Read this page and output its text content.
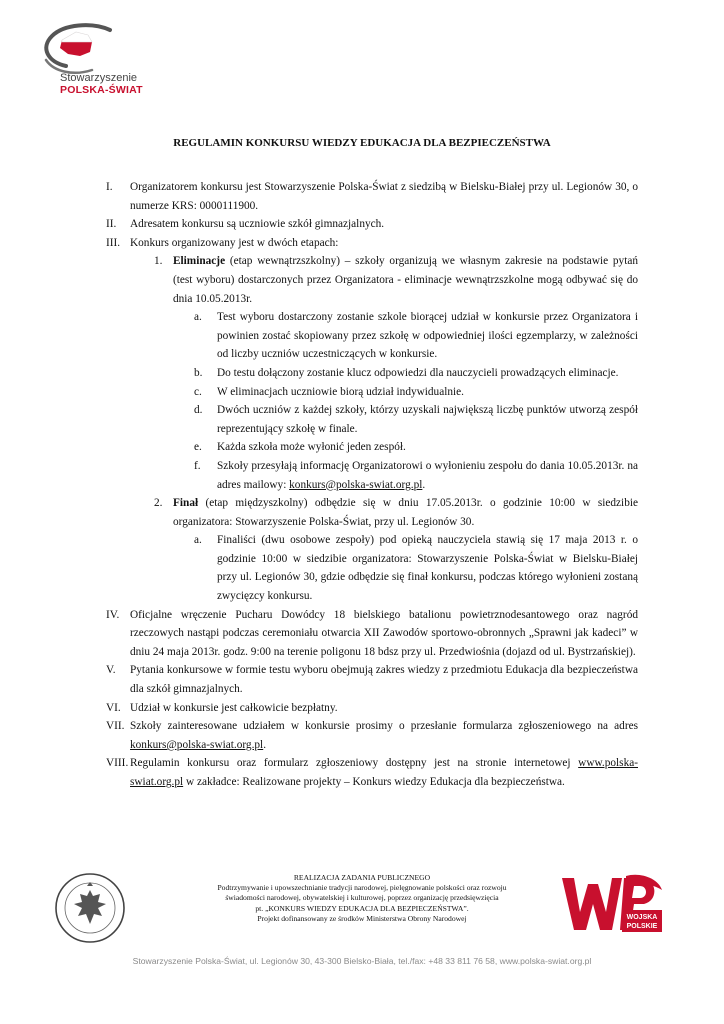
Stowarzyszenie
POLSKA-ŚWIAT
REGULAMIN KONKURSU WIEDZY EDUKACJA DLA BEZPIECZEŃSTWA
I. Organizatorem konkursu jest Stowarzyszenie Polska-Świat z siedzibą w Bielsku-Białej przy ul. Legionów 30, o numerze KRS: 0000111900.
II. Adresatem konkursu są uczniowie szkół gimnazjalnych.
III. Konkurs organizowany jest w dwóch etapach:
1. Eliminacje (etap wewnątrzszkolny) – szkoły organizują we własnym zakresie na podstawie pytań (test wyboru) dostarczonych przez Organizatora - eliminacje wewnątrzszkolne mogą odbywać się do dnia 10.05.2013r.
a. Test wyboru dostarczony zostanie szkole biorącej udział w konkursie przez Organizatora i powinien zostać skopiowany przez szkołę w odpowiedniej ilości egzemplarzy, w zależności od liczby uczniów uczestniczących w konkursie.
b. Do testu dołączony zostanie klucz odpowiedzi dla nauczycieli prowadzących eliminacje.
c. W eliminacjach uczniowie biorą udział indywidualnie.
d. Dwóch uczniów z każdej szkoły, którzy uzyskali największą liczbę punktów utworzą zespół reprezentujący szkołę w finale.
e. Każda szkoła może wyłonić jeden zespół.
f. Szkoły przesyłają informację Organizatorowi o wyłonieniu zespołu do dania 10.05.2013r. na adres mailowy: konkurs@polska-swiat.org.pl.
2. Finał (etap międzyszkolny) odbędzie się w dniu 17.05.2013r. o godzinie 10:00 w siedzibie organizatora: Stowarzyszenie Polska-Świat, przy ul. Legionów 30.
a. Finaliści (dwu osobowe zespoły) pod opieką nauczyciela stawią się 17 maja 2013 r. o godzinie 10:00 w siedzibie organizatora: Stowarzyszenie Polska-Świat w Bielsku-Białej przy ul. Legionów 30, gdzie odbędzie się finał konkursu, podczas którego wyłonieni zostaną zwycięzcy konkursu.
IV. Oficjalne wręczenie Pucharu Dowódcy 18 bielskiego batalionu powietrznodesantowego oraz nagród rzeczowych nastąpi podczas ceremoniału otwarcia XII Zawodów sportowo-obronnych „Sprawni jak kadeci” w dniu 24 maja 2013r. godz. 9:00 na terenie poligonu 18 bdsz przy ul. Przedwiośnia (dojazd od ul. Bystrzańskiej).
V. Pytania konkursowe w formie testu wyboru obejmują zakres wiedzy z przedmiotu Edukacja dla bezpieczeństwa dla szkół gimnazjalnych.
VI. Udział w konkursie jest całkowicie bezpłatny.
VII. Szkoły zainteresowane udziałem w konkursie prosimy o przesłanie formularza zgłoszeniowego na adres konkurs@polska-swiat.org.pl.
VIII. Regulamin konkursu oraz formularz zgłoszeniowy dostępny jest na stronie internetowej www.polska-swiat.org.pl w zakładce: Realizowane projekty – Konkurs wiedzy Edukacja dla bezpieczeństwa.
REALIZACJA ZADANIA PUBLICZNEGO
Podtrzymywanie i upowszechnianie tradycji narodowej, pielęgnowanie polskości oraz rozwoju
świadomości narodowej, obywatelskiej i kulturowej, poprzez organizację przedsięwzięcia
pt. „KONKURS WIEDZY EDUKACJA DLA BEZPIECZEŃSTWA”.
Projekt dofinansowany ze środków Ministerstwa Obrony Narodowej	WOJSKA
POLSKIE
Stowarzyszenie Polska-Świat, ul. Legionów 30, 43-300 Bielsko-Biała, tel./fax: +48 33 811 76 58, www.polska-swiat.org.pl
